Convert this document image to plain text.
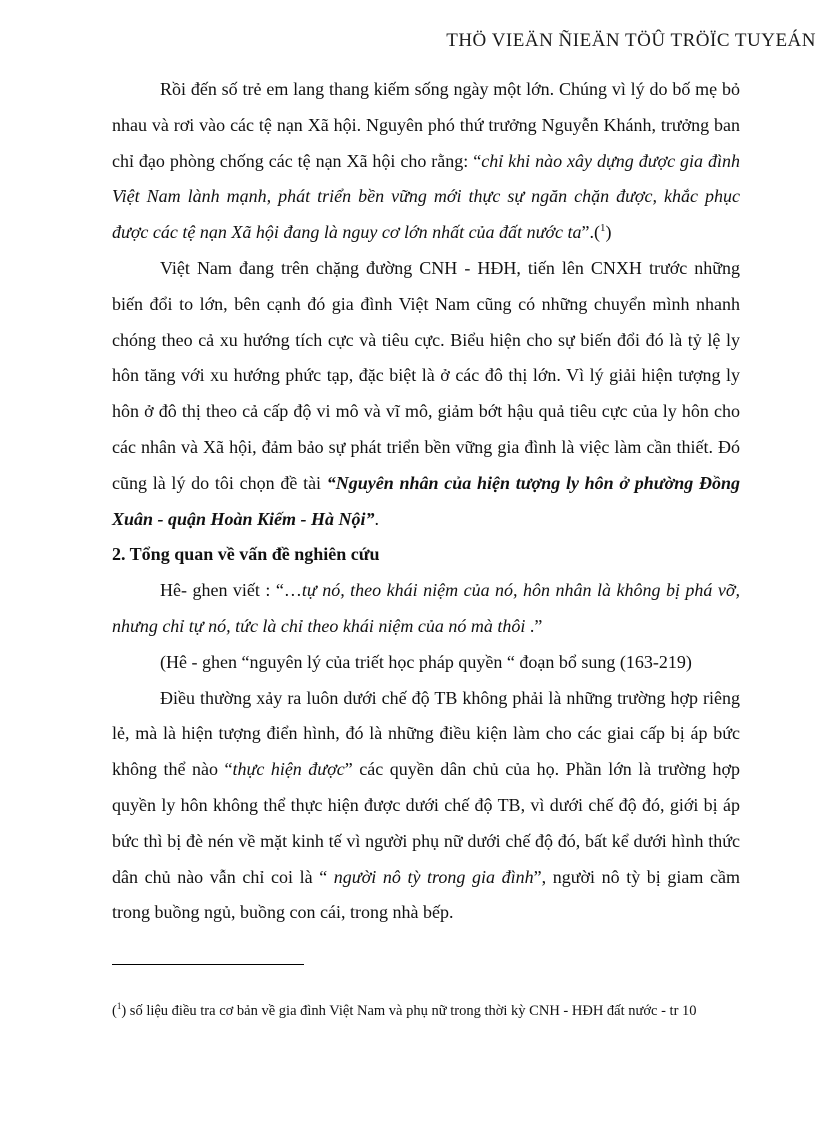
THÖ VIEÄN ÑIEÄN TÖÛ TRÖÏC TUYEÁN

Rồi đến số trẻ em lang thang kiếm sống ngày một lớn. Chúng vì lý do bố mẹ bỏ nhau và rơi vào các tệ nạn Xã hội. Nguyên phó thứ trưởng Nguyễn Khánh, trưởng ban chỉ đạo phòng chống các tệ nạn Xã hội cho rằng: “chỉ khi nào xây dựng được gia đình Việt Nam lành mạnh, phát triển bền vững mới thực sự ngăn chặn được, khắc phục được các tệ nạn Xã hội đang là nguy cơ lớn nhất của đất nước ta”.($^1$)

Việt Nam đang trên chặng đường CNH - HĐH, tiến lên CNXH trước những biến đổi to lớn, bên cạnh đó gia đình Việt Nam cũng có những chuyển mình nhanh chóng theo cả xu hướng tích cực và tiêu cực. Biểu hiện cho sự biến đổi đó là tỷ lệ ly hôn tăng với xu hướng phức tạp, đặc biệt là ở các đô thị lớn. Vì lý giải hiện tượng ly hôn ở đô thị theo cả cấp độ vi mô và vĩ mô, giảm bớt hậu quả tiêu cực của ly hôn cho các nhân và Xã hội, đảm bảo sự phát triển bền vững gia đình là việc làm cần thiết. Đó cũng là lý do tôi chọn đề tài “Nguyên nhân của hiện tượng ly hôn ở phường Đồng Xuân - quận Hoàn Kiếm - Hà Nội”.

2. Tổng quan về vấn đề nghiên cứu

Hê- ghen viết : “…tự nó, theo khái niệm của nó, hôn nhân là không bị phá vỡ, nhưng chỉ tự nó, tức là chỉ theo khái niệm của nó mà thôi .”

(Hê - ghen “nguyên lý của triết học pháp quyền “ đoạn bổ sung (163-219)

Điều thường xảy ra luôn dưới chế độ TB không phải là những trường hợp riêng lẻ, mà là hiện tượng điển hình, đó là những điều kiện làm cho các giai cấp bị áp bức không thể nào “thực hiện được” các quyền dân chủ của họ. Phần lớn là trường hợp quyền ly hôn không thể thực hiện được dưới chế độ TB, vì dưới chế độ đó, giới bị áp bức thì bị đè nén về mặt kinh tế vì người phụ nữ dưới chế độ đó, bất kể dưới hình thức dân chủ nào vẫn chỉ coi là “ người nô tỳ trong gia đình”, người nô tỳ bị giam cầm trong buồng ngủ, buồng con cái, trong nhà bếp.

($^1$) số liệu điều tra cơ bản về gia đình Việt Nam và phụ nữ trong thời kỳ CNH - HĐH đất nước - tr 10
